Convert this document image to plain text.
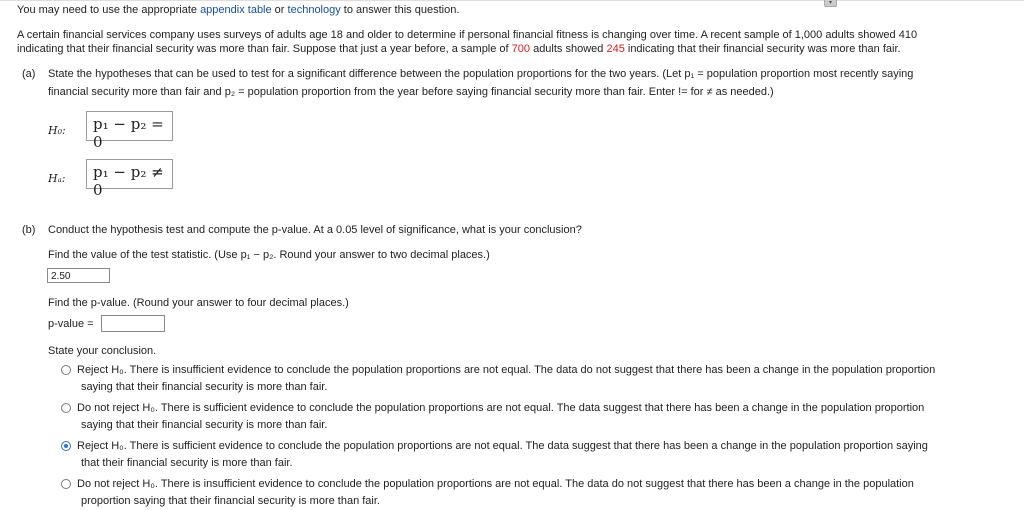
▾
You may need to use the appropriate appendix table or technology to answer this question.
A certain financial services company uses surveys of adults age 18 and older to determine if personal financial fitness is changing over time. A recent sample of 1,000 adults showed 410
indicating that their financial security was more than fair. Suppose that just a year before, a sample of 700 adults showed 245 indicating that their financial security was more than fair.
(a) State the hypotheses that can be used to test for a significant difference between the population proportions for the two years. (Let p₁ = population proportion most recently saying
financial security more than fair and p₂ = population proportion from the year before saying financial security more than fair. Enter != for ≠ as needed.)
H₀:	p₁ − p₂ = 0
Hₐ:	p₁ − p₂ ≠ 0
(b) Conduct the hypothesis test and compute the p-value. At a 0.05 level of significance, what is your conclusion?
Find the value of the test statistic. (Use p₁ − p₂. Round your answer to two decimal places.)
2.50
Find the p-value. (Round your answer to four decimal places.)
p-value =
State your conclusion.
Reject H₀. There is insufficient evidence to conclude the population proportions are not equal. The data do not suggest that there has been a change in the population proportion
saying that their financial security is more than fair.
Do not reject H₀. There is sufficient evidence to conclude the population proportions are not equal. The data suggest that there has been a change in the population proportion
saying that their financial security is more than fair.
Reject H₀. There is sufficient evidence to conclude the population proportions are not equal. The data suggest that there has been a change in the population proportion saying
that their financial security is more than fair.
Do not reject H₀. There is insufficient evidence to conclude the population proportions are not equal. The data do not suggest that there has been a change in the population
proportion saying that their financial security is more than fair.
